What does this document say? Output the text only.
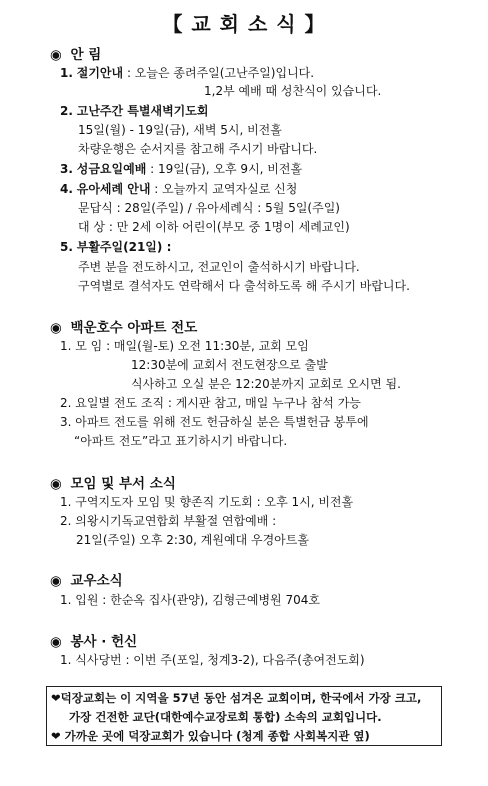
【 교 회 소 식 】
◉ 안 림
1. 절기안내 : 오늘은 종려주일(고난주일)입니다.
1,2부 예배 때 성찬식이 있습니다.
2. 고난주간 특별새벽기도회
15일(월) - 19일(금), 새벽 5시, 비전홀
차량운행은 순서지를 참고해 주시기 바랍니다.
3. 성금요일예배 : 19일(금), 오후 9시, 비전홀
4. 유아세례 안내 : 오늘까지 교역자실로 신청
문답식 : 28일(주일) / 유아세례식 : 5월 5일(주일)
대 상 : 만 2세 이하 어린이(부모 중 1명이 세례교인)
5. 부활주일(21일) :
주변 분을 전도하시고, 전교인이 출석하시기 바랍니다.
구역별로 결석자도 연락해서 다 출석하도록 해 주시기 바랍니다.
◉ 백운호수 아파트 전도
1. 모 임 : 매일(월-토) 오전 11:30분, 교회 모임
12:30분에 교회서 전도현장으로 출발
식사하고 오실 분은 12:20분까지 교회로 오시면 됨.
2. 요일별 전도 조직 : 게시판 참고, 매일 누구나 참석 가능
3. 아파트 전도를 위해 전도 헌금하실 분은 특별헌금 봉투에
“아파트 전도”라고 표기하시기 바랍니다.
◉ 모임 및 부서 소식
1. 구역지도자 모임 및 향존직 기도회 : 오후 1시, 비전홀
2. 의왕시기독교연합회 부활절 연합예배 :
21일(주일) 오후 2:30, 계원예대 우경아트홀
◉ 교우소식
1. 입원 : 한순옥 집사(관양), 김형근예병원 704호
◉ 봉사 · 헌신
1. 식사당번 : 이번 주(포일, 청계3-2), 다음주(총여전도회)
❤덕장교회는 이 지역을 57년 동안 섬겨온 교회이며, 한국에서 가장 크고,
가장 건전한 교단(대한예수교장로회 통합) 소속의 교회입니다.
❤ 가까운 곳에 덕장교회가 있습니다 (청계 종합 사회복지관 옆)
